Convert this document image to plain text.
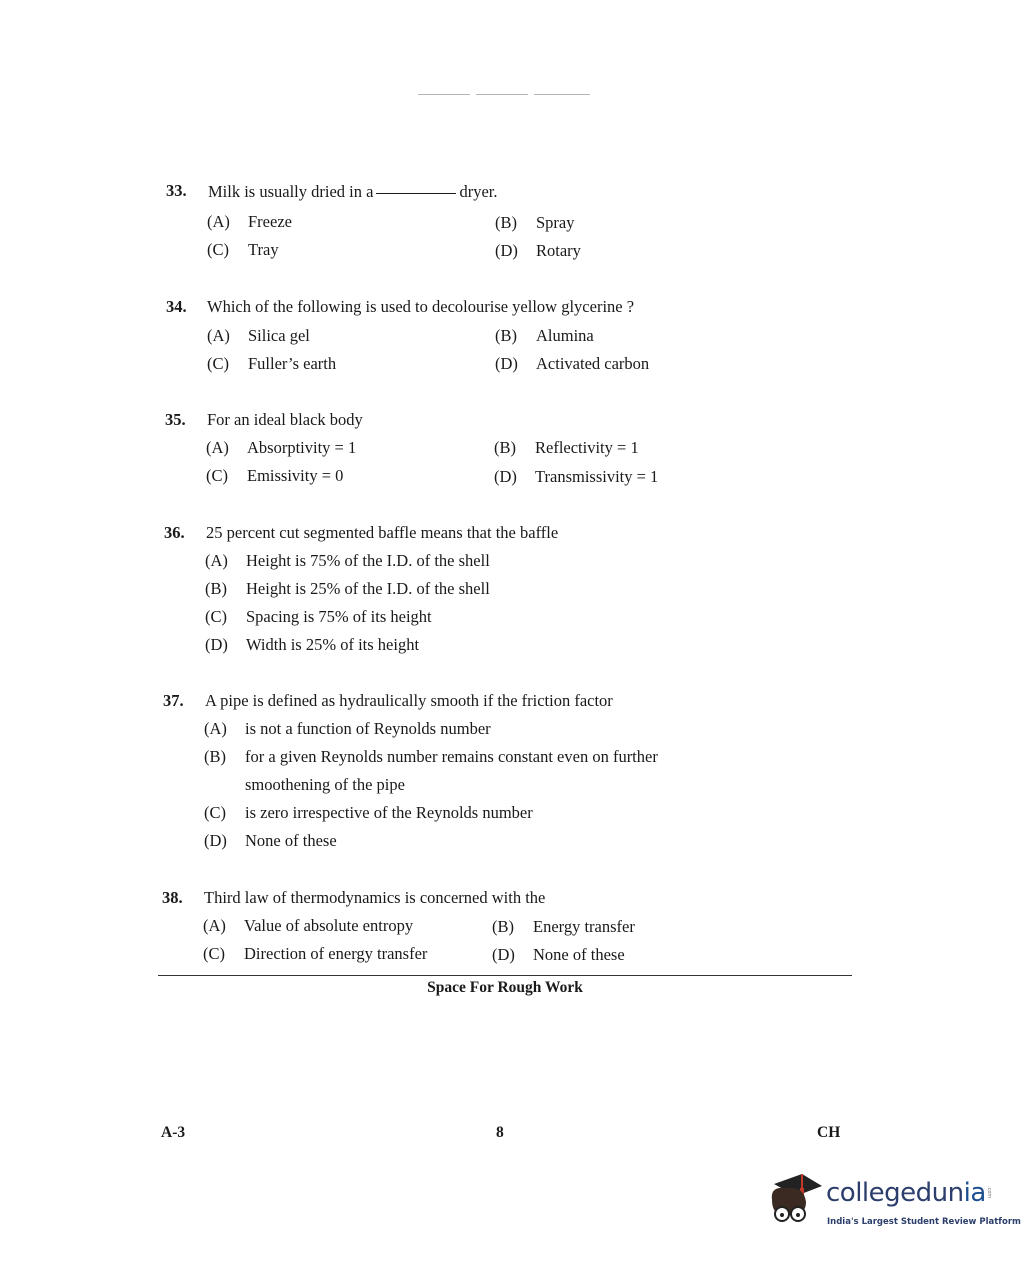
33. Milk is usually dried in a	dryer.
(A) Freeze	(B) Spray
(C) Tray	(D) Rotary
34. Which of the following is used to decolourise yellow glycerine ?
(A) Silica gel	(B) Alumina
(C) Fuller’s earth	(D) Activated carbon
35. For an ideal black body
(A) Absorptivity = 1	(B) Reflectivity = 1
(C) Emissivity = 0	(D) Transmissivity = 1
36. 25 percent cut segmented baffle means that the baffle
(A) Height is 75% of the I.D. of the shell
(B) Height is 25% of the I.D. of the shell
(C) Spacing is 75% of its height
(D) Width is 25% of its height
37. A pipe is defined as hydraulically smooth if the friction factor
(A) is not a function of Reynolds number
(B) for a given Reynolds number remains constant even on further
smoothening of the pipe
(C) is zero irrespective of the Reynolds number
(D) None of these
38. Third law of thermodynamics is concerned with the
(A) Value of absolute entropy	(B) Energy transfer
(C) Direction of energy transfer	(D) None of these
Space For Rough Work
A-3	8	CH
collegedunia .com
India's Largest Student Review Platform
